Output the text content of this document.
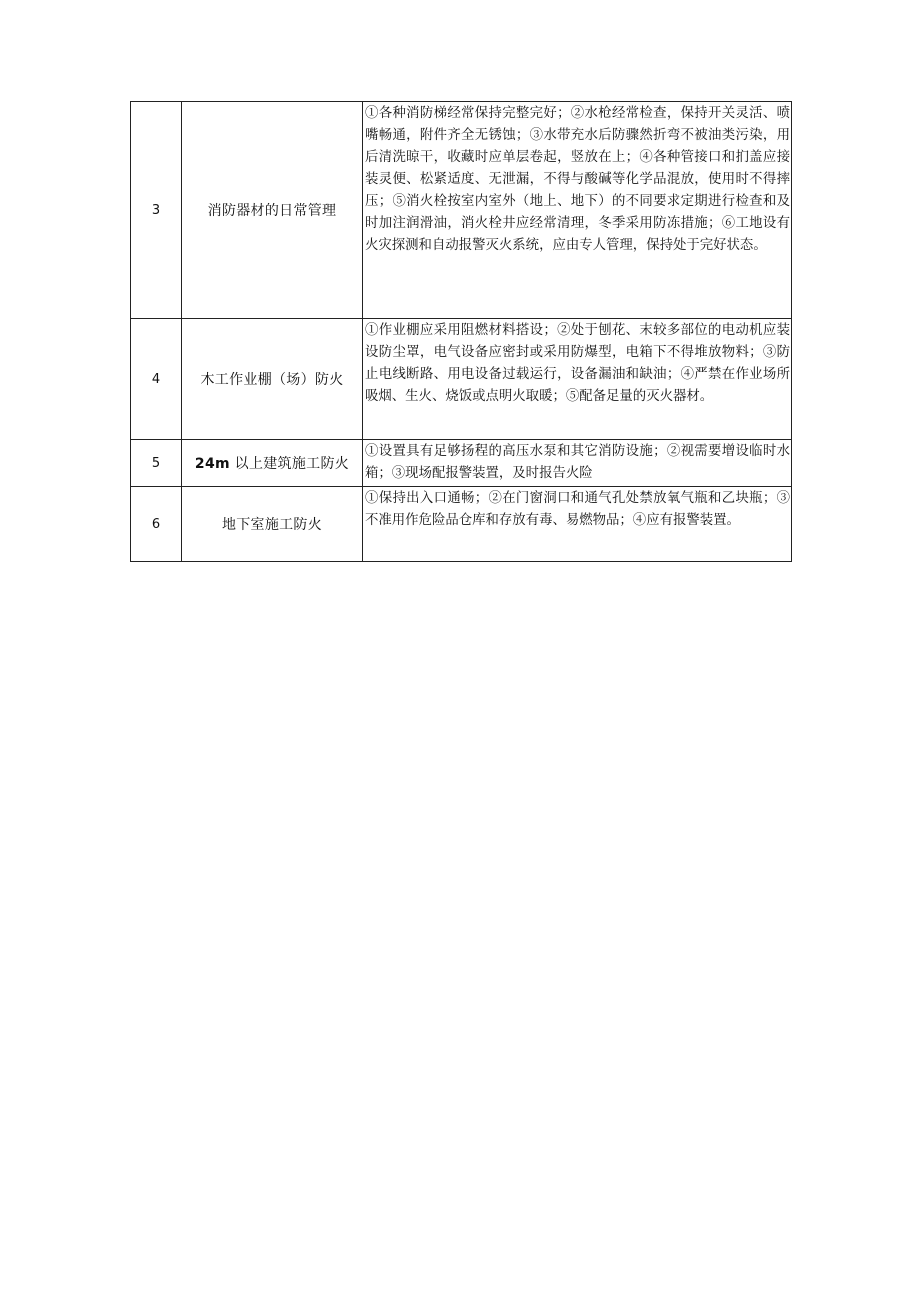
3	消防器材的日常管理	①各种消防梯经常保持完整完好；②水枪经常检查，保持开关灵活、喷嘴畅通，附件齐全无锈蚀；③水带充水后防骤然折弯不被油类污染，用后清洗晾干，收藏时应单层卷起，竖放在上；④各种管接口和扪盖应接装灵便、松紧适度、无泄漏，不得与酸碱等化学品混放，使用时不得摔压；⑤消火栓按室内室外（地上、地下）的不同要求定期进行检查和及时加注润滑油，消火栓井应经常清理，冬季采用防冻措施；⑥工地设有火灾探测和自动报警灭火系统，应由专人管理，保持处于完好状态。

4	木工作业棚（场）防火	①作业棚应采用阻燃材料搭设；②处于刨花、末较多部位的电动机应装设防尘罩，电气设备应密封或采用防爆型，电箱下不得堆放物料；③防止电线断路、用电设备过载运行，设备漏油和缺油；④严禁在作业场所吸烟、生火、烧饭或点明火取暖；⑤配备足量的灭火器材。

5	24m 以上建筑施工防火	①设置具有足够扬程的高压水泵和其它消防设施；②视需要增设临时水箱；③现场配报警装置，及时报告火险

6	地下室施工防火	①保持出入口通畅；②在门窗洞口和通气孔处禁放氧气瓶和乙块瓶；③不准用作危险品仓库和存放有毒、易燃物品；④应有报警装置。
